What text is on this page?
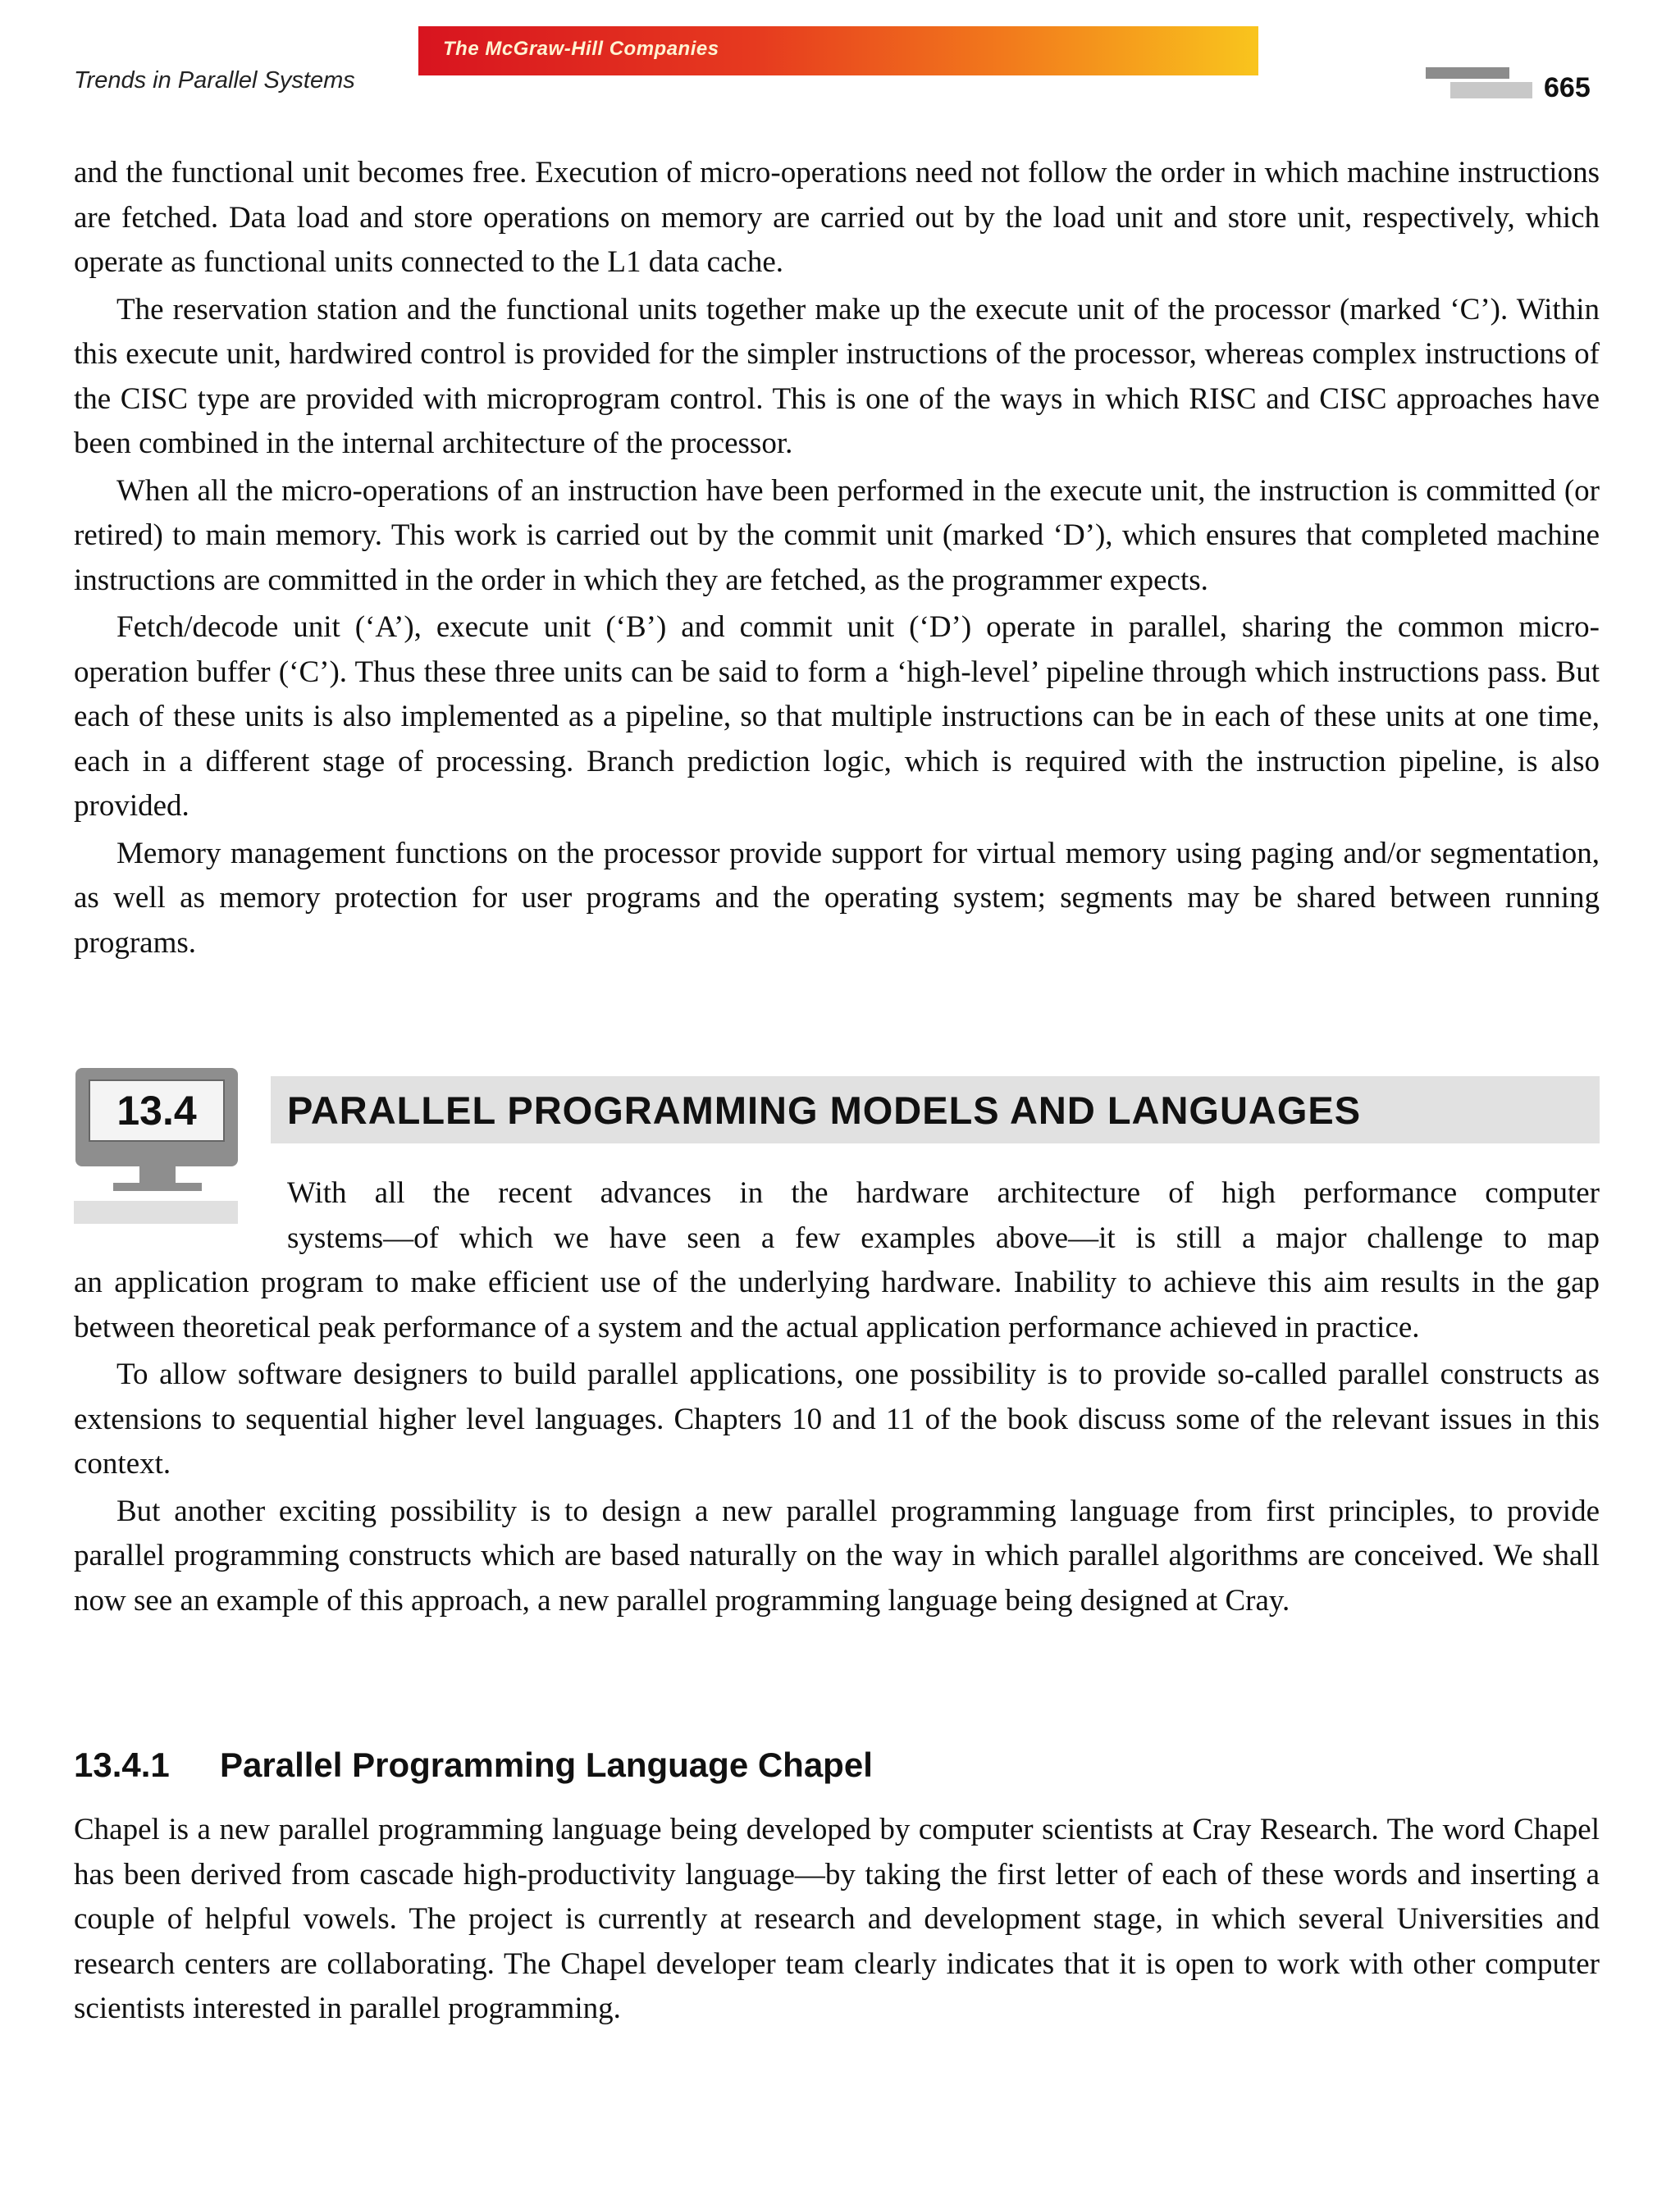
Trends in Parallel Systems
The McGraw-Hill Companies
665

and the functional unit becomes free. Execution of micro-operations need not follow the order in which machine instructions are fetched. Data load and store operations on memory are carried out by the load unit and store unit, respectively, which operate as functional units connected to the L1 data cache.

The reservation station and the functional units together make up the execute unit of the processor (marked ‘C’). Within this execute unit, hardwired control is provided for the simpler instructions of the processor, whereas complex instructions of the CISC type are provided with microprogram control. This is one of the ways in which RISC and CISC approaches have been combined in the internal architecture of the processor.

When all the micro-operations of an instruction have been performed in the execute unit, the instruction is committed (or retired) to main memory. This work is carried out by the commit unit (marked ‘D’), which ensures that completed machine instructions are committed in the order in which they are fetched, as the programmer expects.

Fetch/decode unit (‘A’), execute unit (‘B’) and commit unit (‘D’) operate in parallel, sharing the common micro-operation buffer (‘C’). Thus these three units can be said to form a ‘high-level’ pipeline through which instructions pass. But each of these units is also implemented as a pipeline, so that multiple instructions can be in each of these units at one time, each in a different stage of processing. Branch prediction logic, which is required with the instruction pipeline, is also provided.

Memory management functions on the processor provide support for virtual memory using paging and/or segmentation, as well as memory protection for user programs and the operating system; segments may be shared between running programs.

13.4	PARALLEL PROGRAMMING MODELS AND LANGUAGES

With all the recent advances in the hardware architecture of high performance computer

systems—of which we have seen a few examples above—it is still a major challenge to map

an application program to make efficient use of the underlying hardware. Inability to achieve this aim results in the gap between theoretical peak performance of a system and the actual application performance achieved in practice.

To allow software designers to build parallel applications, one possibility is to provide so-called parallel constructs as extensions to sequential higher level languages. Chapters 10 and 11 of the book discuss some of the relevant issues in this context.

But another exciting possibility is to design a new parallel programming language from first principles, to provide parallel programming constructs which are based naturally on the way in which parallel algorithms are conceived. We shall now see an example of this approach, a new parallel programming language being designed at Cray.

13.4.1 Parallel Programming Language Chapel

Chapel is a new parallel programming language being developed by computer scientists at Cray Research. The word Chapel has been derived from cascade high-productivity language—by taking the first letter of each of these words and inserting a couple of helpful vowels. The project is currently at research and development stage, in which several Universities and research centers are collaborating. The Chapel developer team clearly indicates that it is open to work with other computer scientists interested in parallel programming.
